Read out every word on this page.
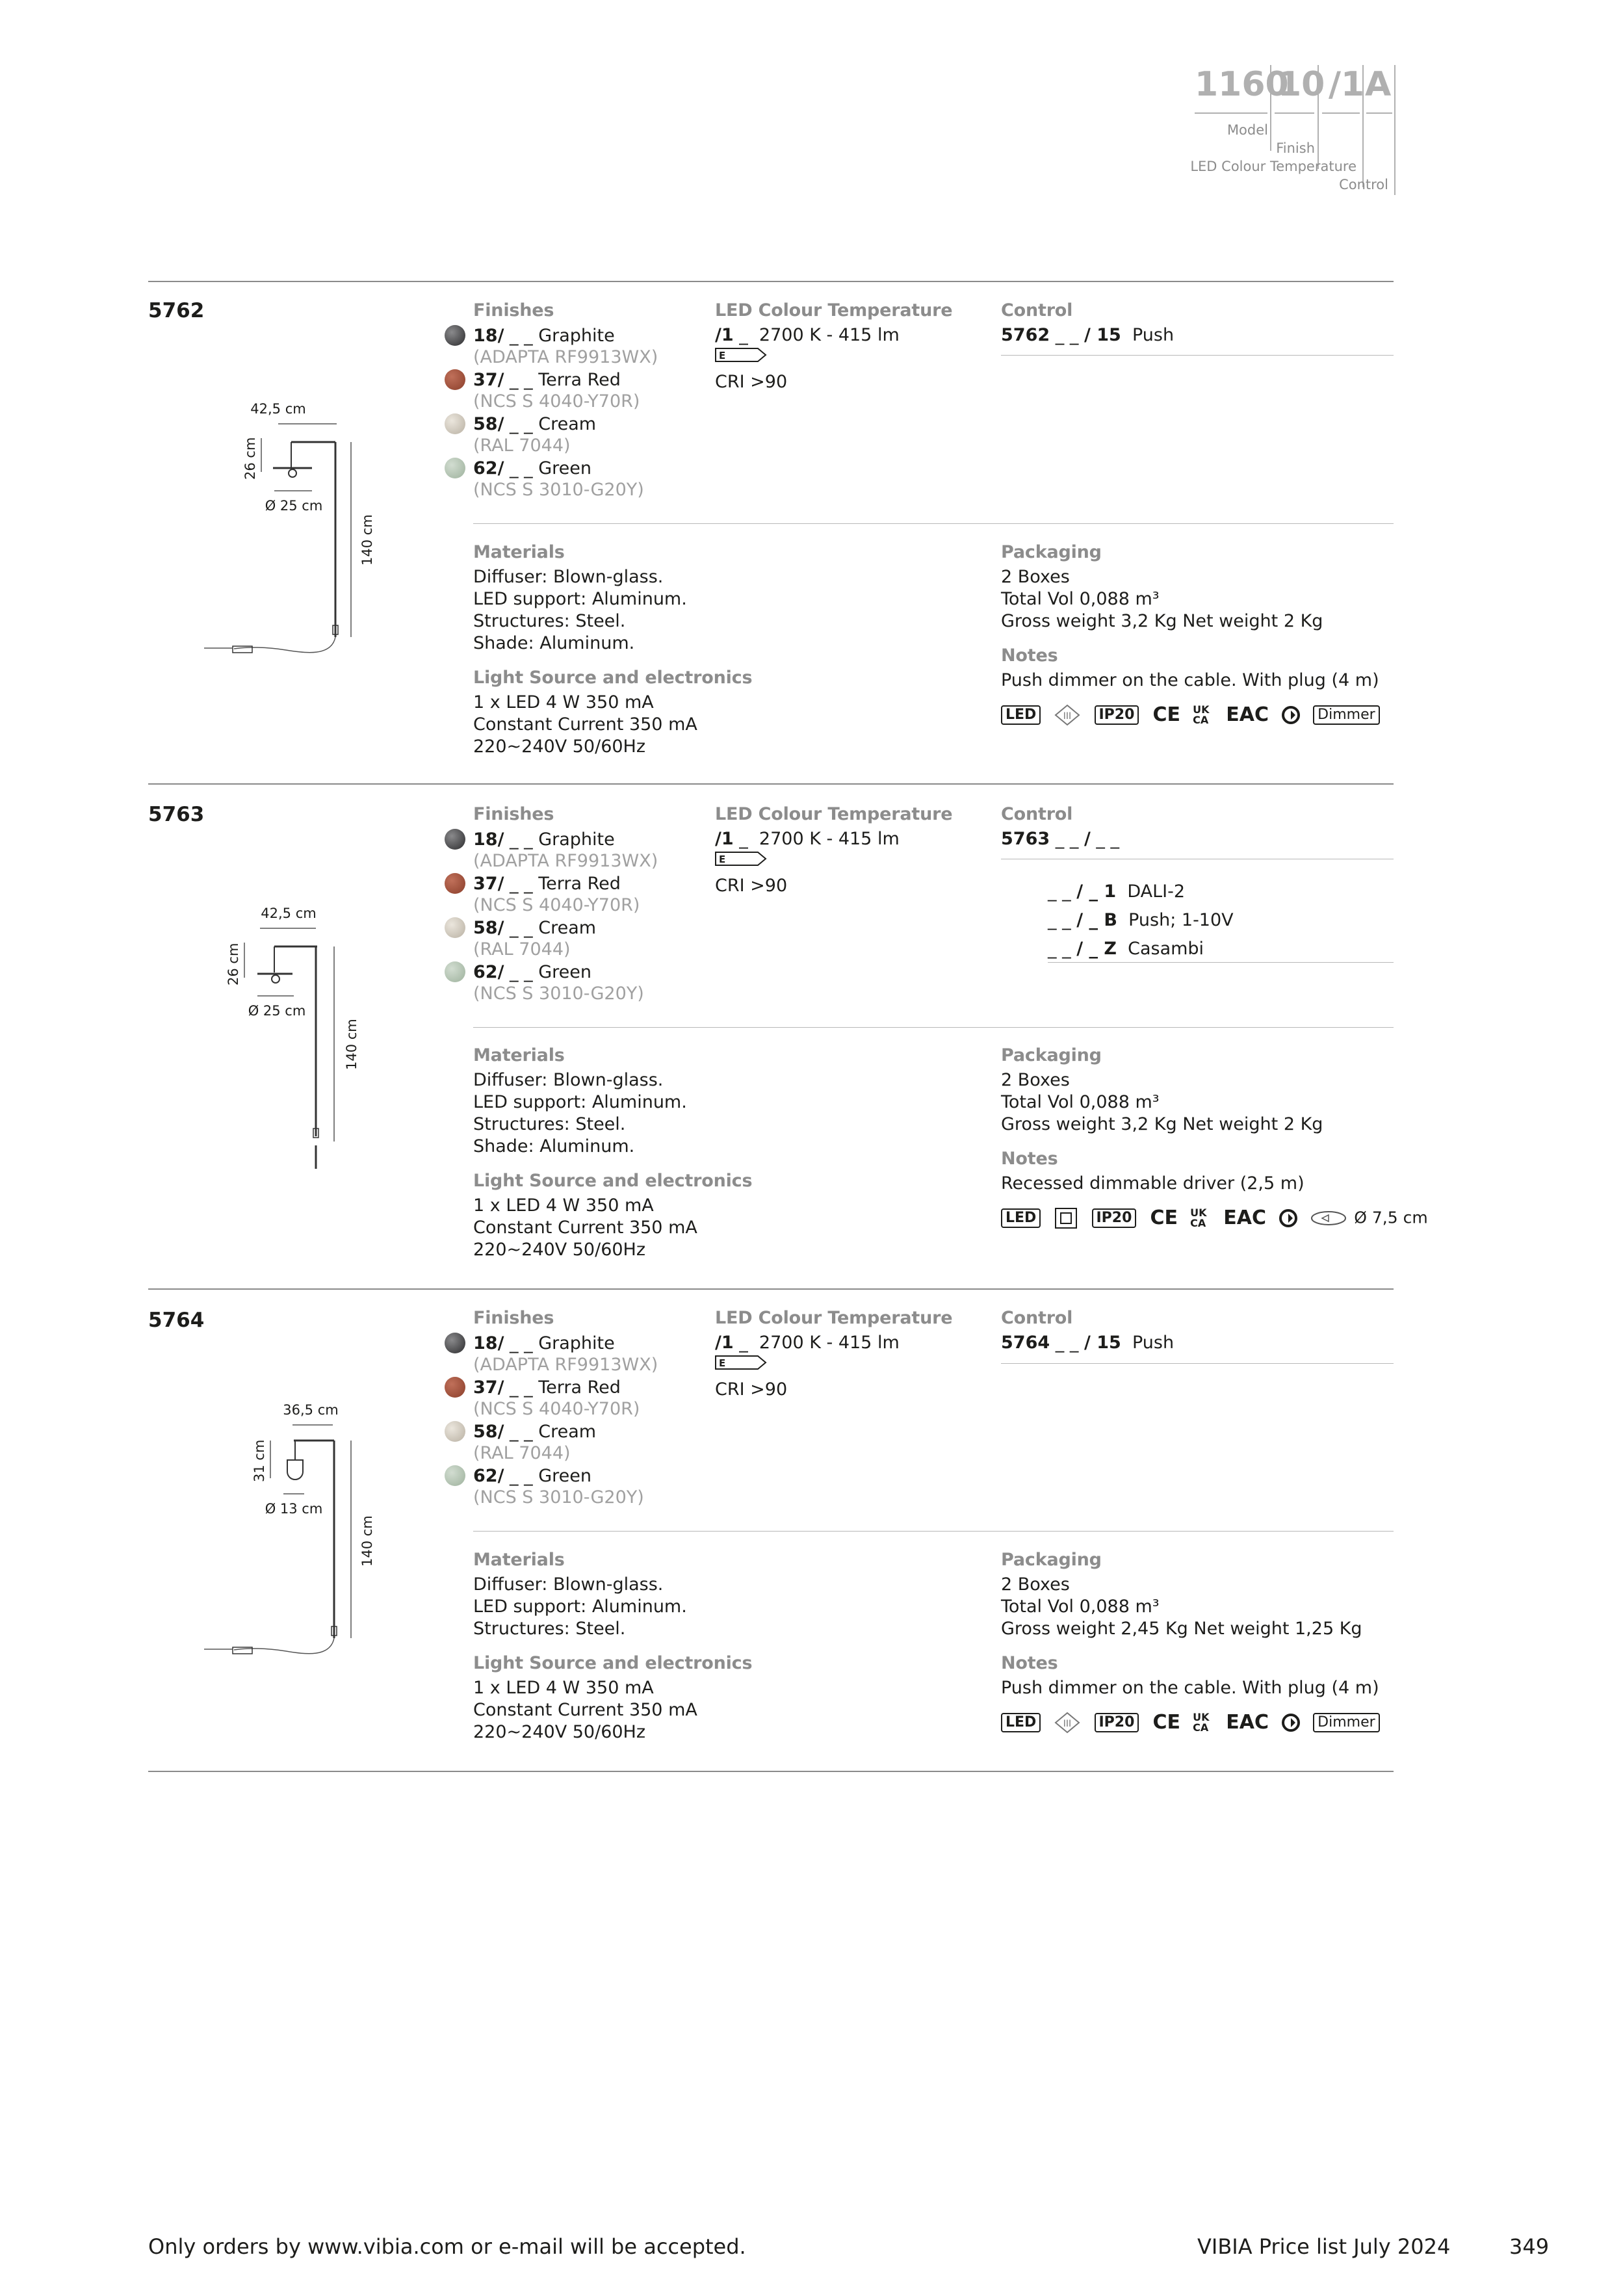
1160
10 /1 A
Model
Finish
LED Colour Temperature
Control
5762
42,5 cm
26 cm
Ø 25 cm
140 cm
Finishes
18/
_ _
Graphite
(ADAPTA RF9913WX)
37/
_ _
Terra Red
(NCS S 4040-Y70R)
58/
_ _
Cream
(RAL 7044)
62/
_ _
Green
(NCS S 3010-G20Y)
LED Colour Temperature
/1 _ 2700 K - 415 lm
E
CRI >90
Control
5762 _ _ / 15 Push
Materials
Diffuser: Blown-glass.
LED support: Aluminum.
Structures: Steel.
Shade: Aluminum.
Light Source and electronics
1 x LED 4 W 350 mA
Constant Current 350 mA
220~240V 50/60Hz
Packaging
2 Boxes
Total Vol 0,088 m³
Gross weight 3,2 Kg Net weight 2 Kg
Notes
Push dimmer on the cable. With plug (4 m)
LED	III IP20 CE UKCA EAC	Dimmer
5763
42,5 cm
26 cm
Ø 25 cm
140 cm
Finishes
18/
_ _
Graphite
(ADAPTA RF9913WX)
37/
_ _
Terra Red
(NCS S 4040-Y70R)
58/
_ _
Cream
(RAL 7044)
62/
_ _
Green
(NCS S 3010-G20Y)
LED Colour Temperature
/1 _ 2700 K - 415 lm
E
CRI >90
Control
5763 _ _ / _ _
_ _ / _ 1 DALI-2
_ _ / _ B Push; 1-10V
_ _ / _ Z Casambi
Materials
Diffuser: Blown-glass.
LED support: Aluminum.
Structures: Steel.
Shade: Aluminum.
Light Source and electronics
1 x LED 4 W 350 mA
Constant Current 350 mA
220~240V 50/60Hz
Packaging
2 Boxes
Total Vol 0,088 m³
Gross weight 3,2 Kg Net weight 2 Kg
Notes
Recessed dimmable driver (2,5 m)
LED	IP20 CE UKCA EAC	Ø 7,5 cm
5764
36,5 cm
31 cm
Ø 13 cm
140 cm
Finishes
18/
_ _
Graphite
(ADAPTA RF9913WX)
37/
_ _
Terra Red
(NCS S 4040-Y70R)
58/
_ _
Cream
(RAL 7044)
62/
_ _
Green
(NCS S 3010-G20Y)
LED Colour Temperature
/1 _ 2700 K - 415 lm
E
CRI >90
Control
5764 _ _ / 15 Push
Materials
Diffuser: Blown-glass.
LED support: Aluminum.
Structures: Steel.
Light Source and electronics
1 x LED 4 W 350 mA
Constant Current 350 mA
220~240V 50/60Hz
Packaging
2 Boxes
Total Vol 0,088 m³
Gross weight 2,45 Kg Net weight 1,25 Kg
Notes
Push dimmer on the cable. With plug (4 m)
LED	III IP20 CE UKCA EAC	Dimmer
Only orders by www.vibia.com or e-mail will be accepted.	VIBIA Price list July 2024	349
